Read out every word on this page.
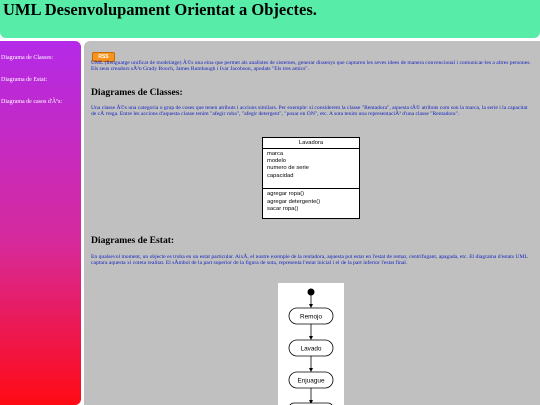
UML Desenvolupament Orientat a Objectes.
Diagrama de Classes:
Diagrama de Estat:
Diagrama de casos d'Ãºs:
RSS

UML (llenguatge unificat de modelatge) Ã©s una eina que permet als analistes de sistemes, generar dissenys que capturen les seves idees de manera convencional i comunicar-les a altres persones. Els seus creadors sÃ³n Grady Booch, James Rumbaugh i Ivar Jacobson, apodats "Els tres amics".

Diagrames de Classes:

Una classe Ã©s una categoria o grup de coses que tenen atributs i accions similars. Per exemple: si considerem la classe "Rentadora", aquesta tÃ© atributs com son la marca, la serie i la capacitat de cÃ rrega. Entre les accions d'aquesta classe tenim "afegir roba", "afegir detergent", "posar en ON", etc. A sota tenim una representaciÃ³ d'una classe "Rentadora".

Lavadora
marca
modelo
numero de serie
capacidad
agregar ropa()
agregar detergente()
sacar ropa()
Diagrames de Estat:

En qualsevol moment, un objecte es troba en un estat particular. AixÃ, el nostre exemple de la rentadora, aquesta pot estar en l'estat de remar, centrifugant, apagada, etc. El diagrama d'estats UML captura aquesta xi coteta realitat. El sÃmbol de la part superior de la figura de sota, representa l'estat inicial i el de la part inferior l'estat final.

Remojo
Lavado
Enjuague
